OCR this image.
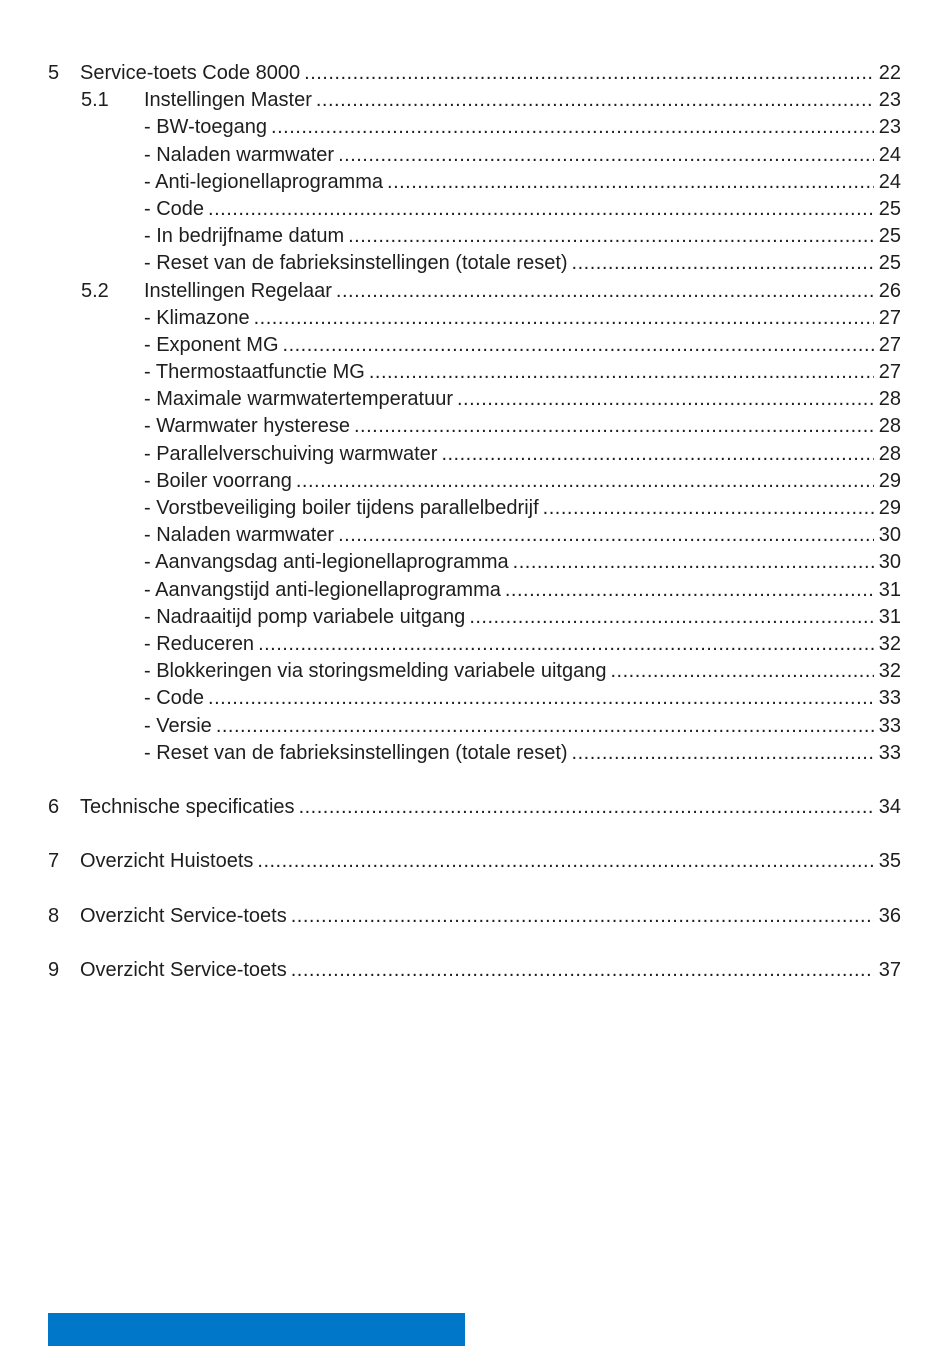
5 Service-toets Code 8000 .....	22
5.1 Instellingen Master .....	23
- BW-toegang .....	23
- Naladen warmwater .....	24
- Anti-legionellaprogramma .....	24
- Code .....	25
- In bedrijfname datum .....	25
- Reset van de fabrieksinstellingen (totale reset) .....	25
5.2 Instellingen Regelaar .....	26
- Klimazone .....	27
- Exponent MG .....	27
- Thermostaatfunctie MG .....	27
- Maximale warmwatertemperatuur .....	28
- Warmwater hysterese .....	28
- Parallelverschuiving warmwater .....	28
- Boiler voorrang .....	29
- Vorstbeveiliging boiler tijdens parallelbedrijf .....	29
- Naladen warmwater .....	30
- Aanvangsdag anti-legionellaprogramma .....	30
- Aanvangstijd anti-legionellaprogramma .....	31
- Nadraaitijd pomp variabele uitgang .....	31
- Reduceren .....	32
- Blokkeringen via storingsmelding variabele uitgang .....	32
- Code .....	33
- Versie .....	33
- Reset van de fabrieksinstellingen (totale reset) .....	33
6 Technische specificaties .....	34
7 Overzicht Huistoets .....	35
8 Overzicht Service-toets .....	36
9 Overzicht Service-toets .....	37
